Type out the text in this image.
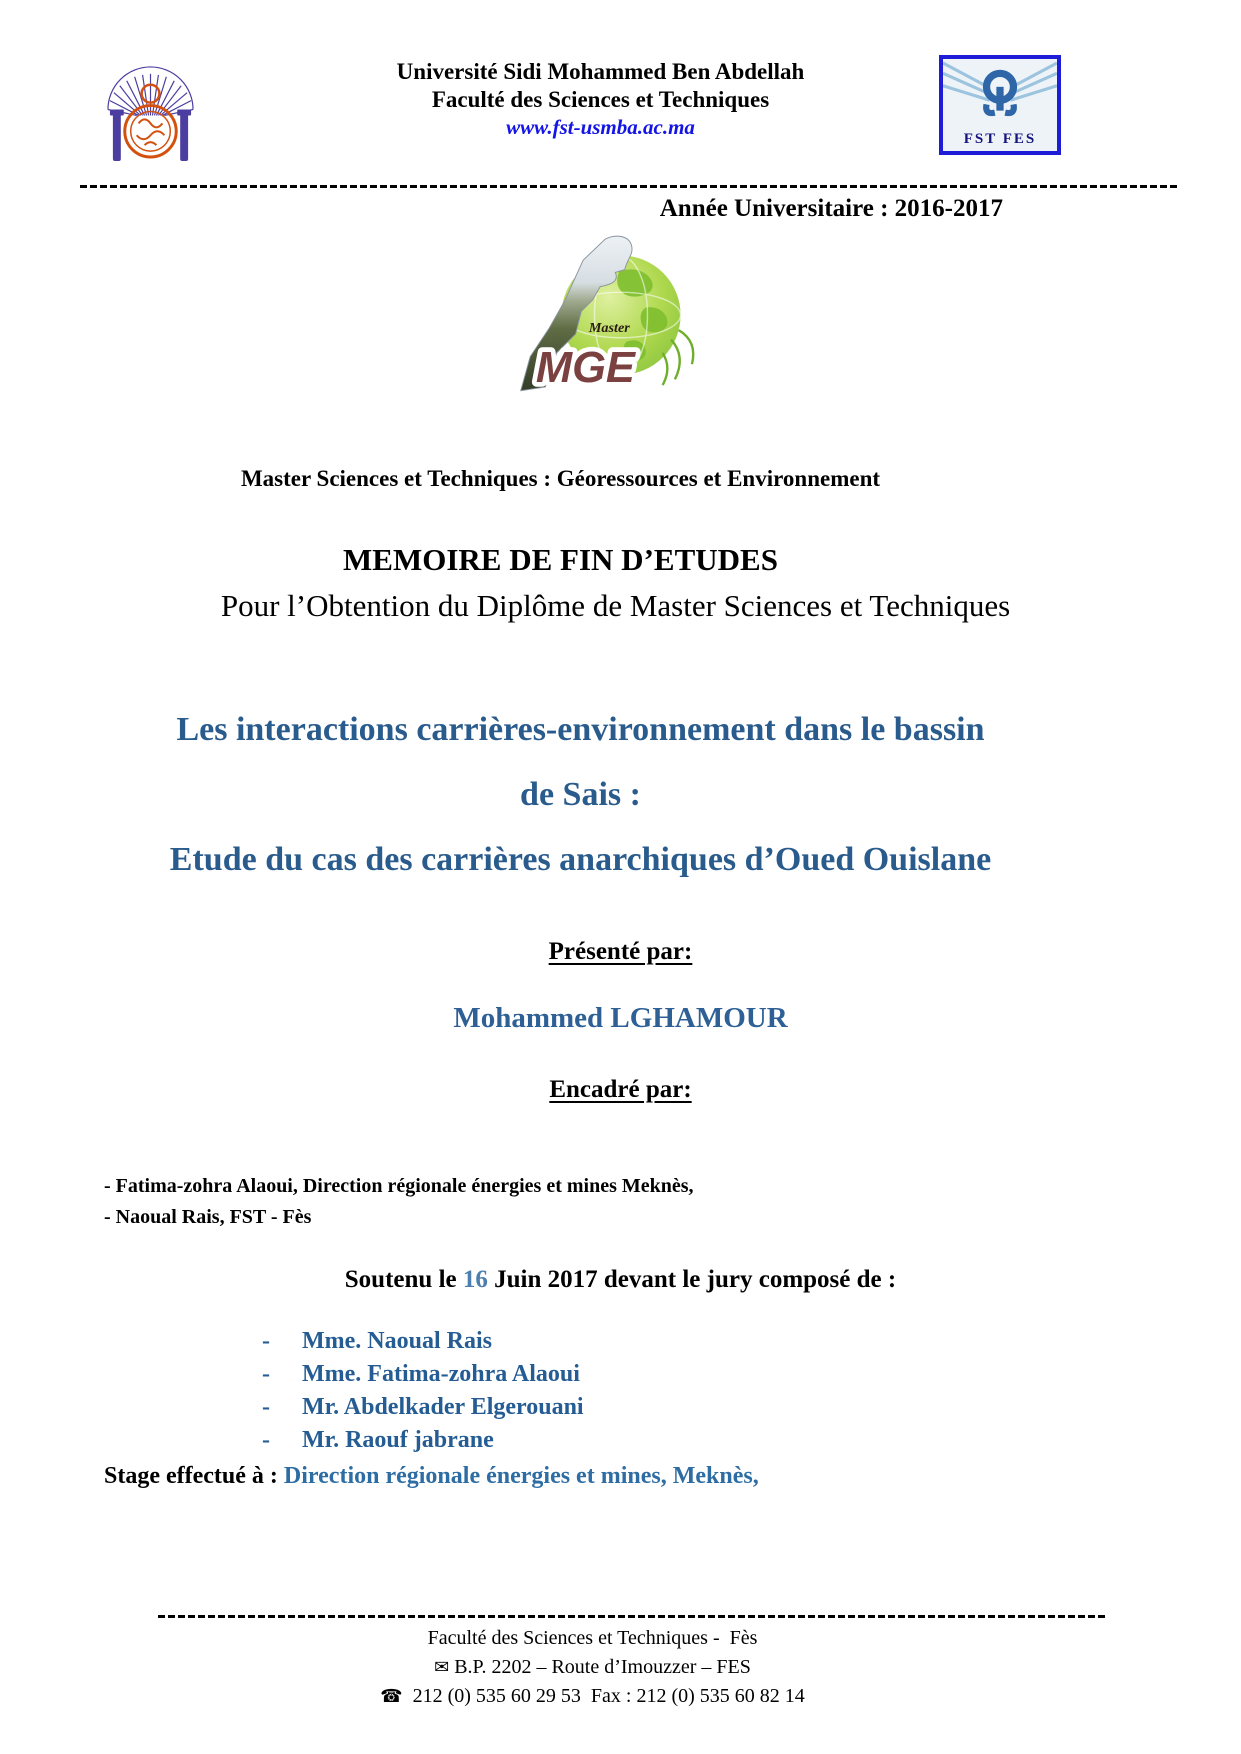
Université Sidi Mohammed Ben Abdellah
Faculté des Sciences et Techniques
www.fst-usmba.ac.ma	FST FES
Année Universitaire : 2016-2017
Master
MGE
Master Sciences et Techniques : Géoressources et Environnement
MEMOIRE DE FIN D’ETUDES
Pour l’Obtention du Diplôme de Master Sciences et Techniques
Les interactions carrières-environnement dans le bassin
de Sais :
Etude du cas des carrières anarchiques d’Oued Ouislane
Présenté par:
Mohammed LGHAMOUR
Encadré par:
- Fatima-zohra Alaoui, Direction régionale énergies et mines Meknès,
- Naoual Rais, FST - Fès
Soutenu le 16 Juin 2017 devant le jury composé de :
- Mme. Naoual Rais
- Mme. Fatima-zohra Alaoui
- Mr. Abdelkader Elgerouani
- Mr. Raouf jabrane
Stage effectué à : Direction régionale énergies et mines, Meknès,
Faculté des Sciences et Techniques -  Fès
✉ B.P. 2202 – Route d’Imouzzer – FES
☎  212 (0) 535 60 29 53  Fax : 212 (0) 535 60 82 14
